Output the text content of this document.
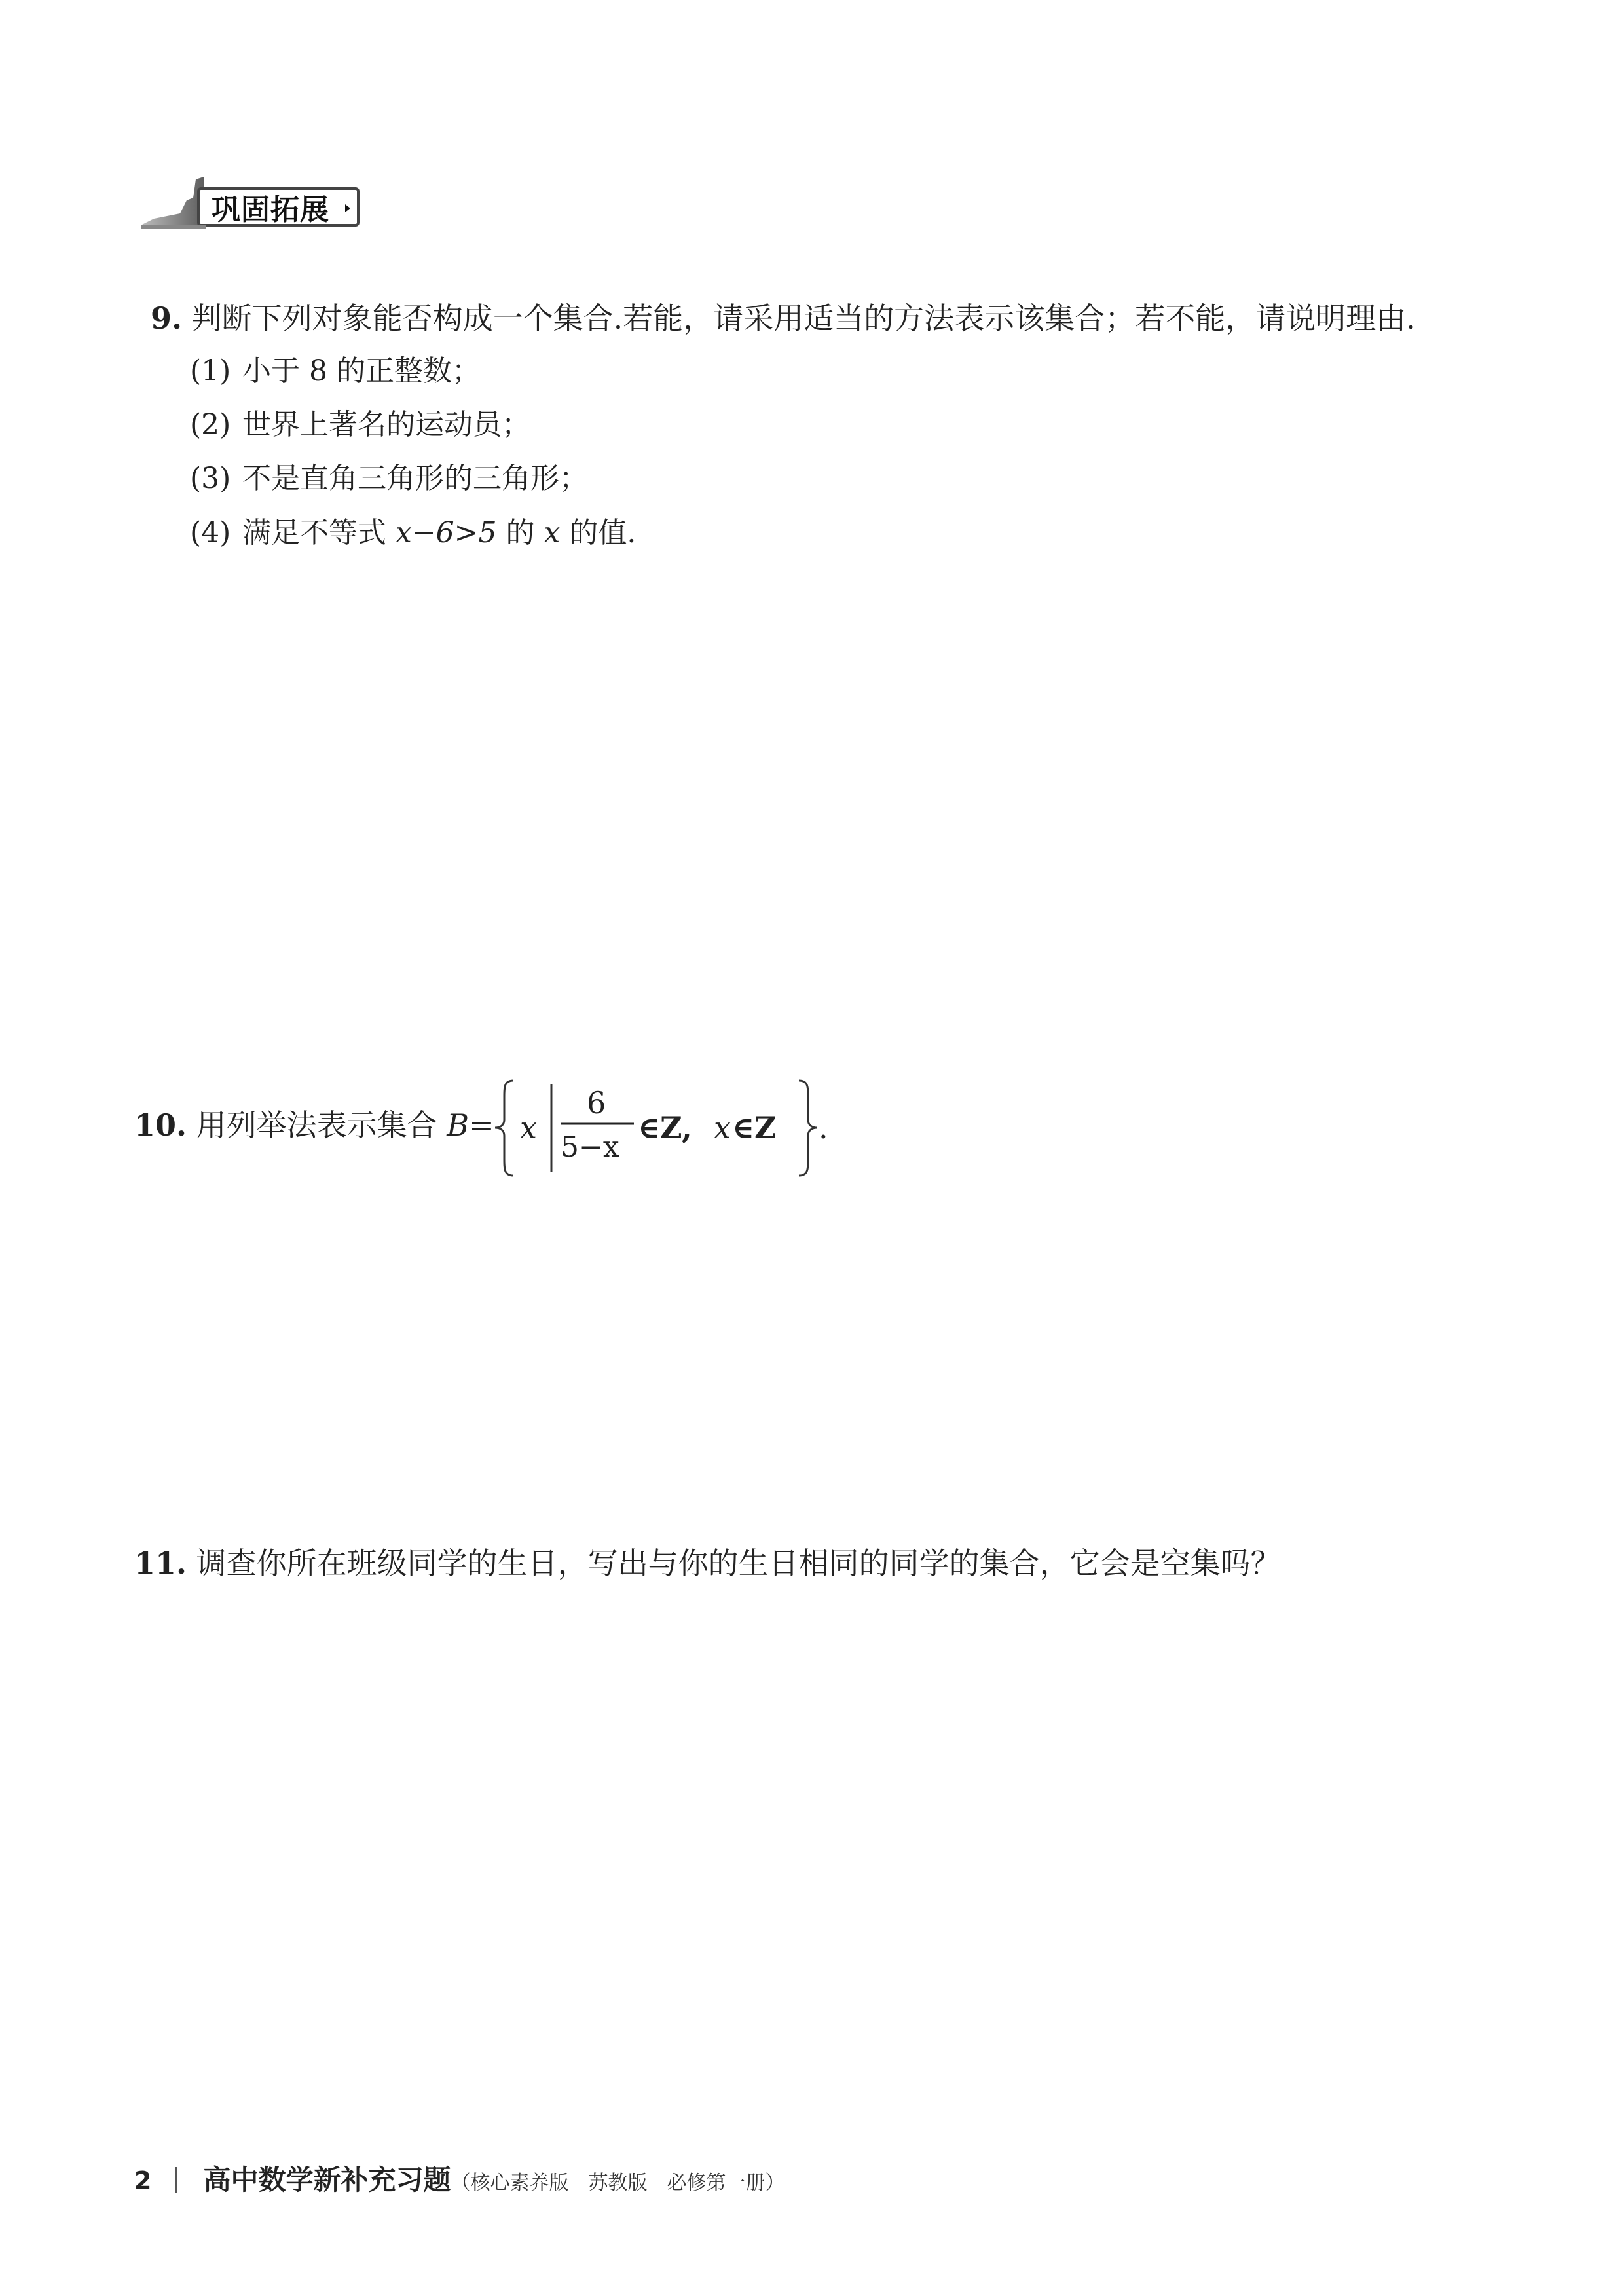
巩固拓展
9. 判断下列对象能否构成一个集合.若能，请采用适当的方法表示该集合；若不能，请说明理由.
(1) 小于 8 的正整数；
(2) 世界上著名的运动员；
(3) 不是直角三角形的三角形；
(4) 满足不等式 x−6>5 的 x 的值.
10. 用列举法表示集合 B= x
6
5−x
∈Z, x ∈Z .
11. 调查你所在班级同学的生日，写出与你的生日相同的同学的集合，它会是空集吗？
2 高中数学新补充习题（核心素养版　苏教版　必修第一册）
